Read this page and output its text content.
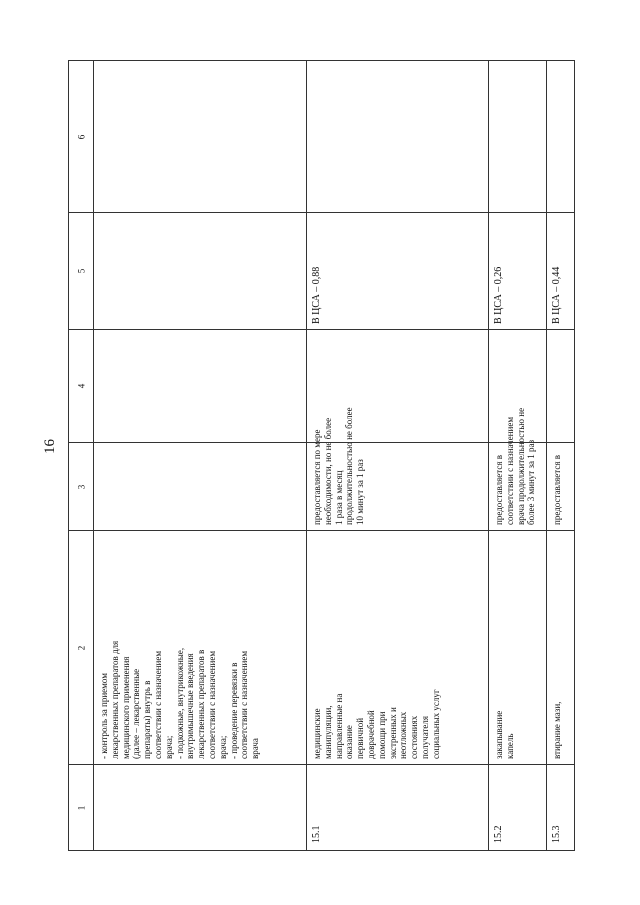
16
1
2
3
4
5
6
- контроль за приемом
лекарственных препаратов для
медицинского применения
(далее – лекарственные
препараты) внутрь в
соответствии с назначением
врача;
- подкожные, внутрикожные,
внутримышечные введения
лекарственных препаратов в
соответствии с назначением
врача;
- проведение перевязки в
соответствии с назначением
врача
15.1
медицинские
манипуляции,
направленные на
оказание
первичной
доврачебной
помощи при
экстренных и
неотложных
состояниях
получателя
социальных услуг
предоставляется по мере
необходимости, но не более
1 раза в месяц
продолжительностью не более
10 минут за 1 раз
В ЦСА – 0,88
15.2
закапывание
капель
предоставляется в
соответствии с назначением
врача продолжительностью не
более 3 минут за 1 раз
В ЦСА – 0,26
15.3
втирание мази,
предоставляется в
В ЦСА – 0,44
